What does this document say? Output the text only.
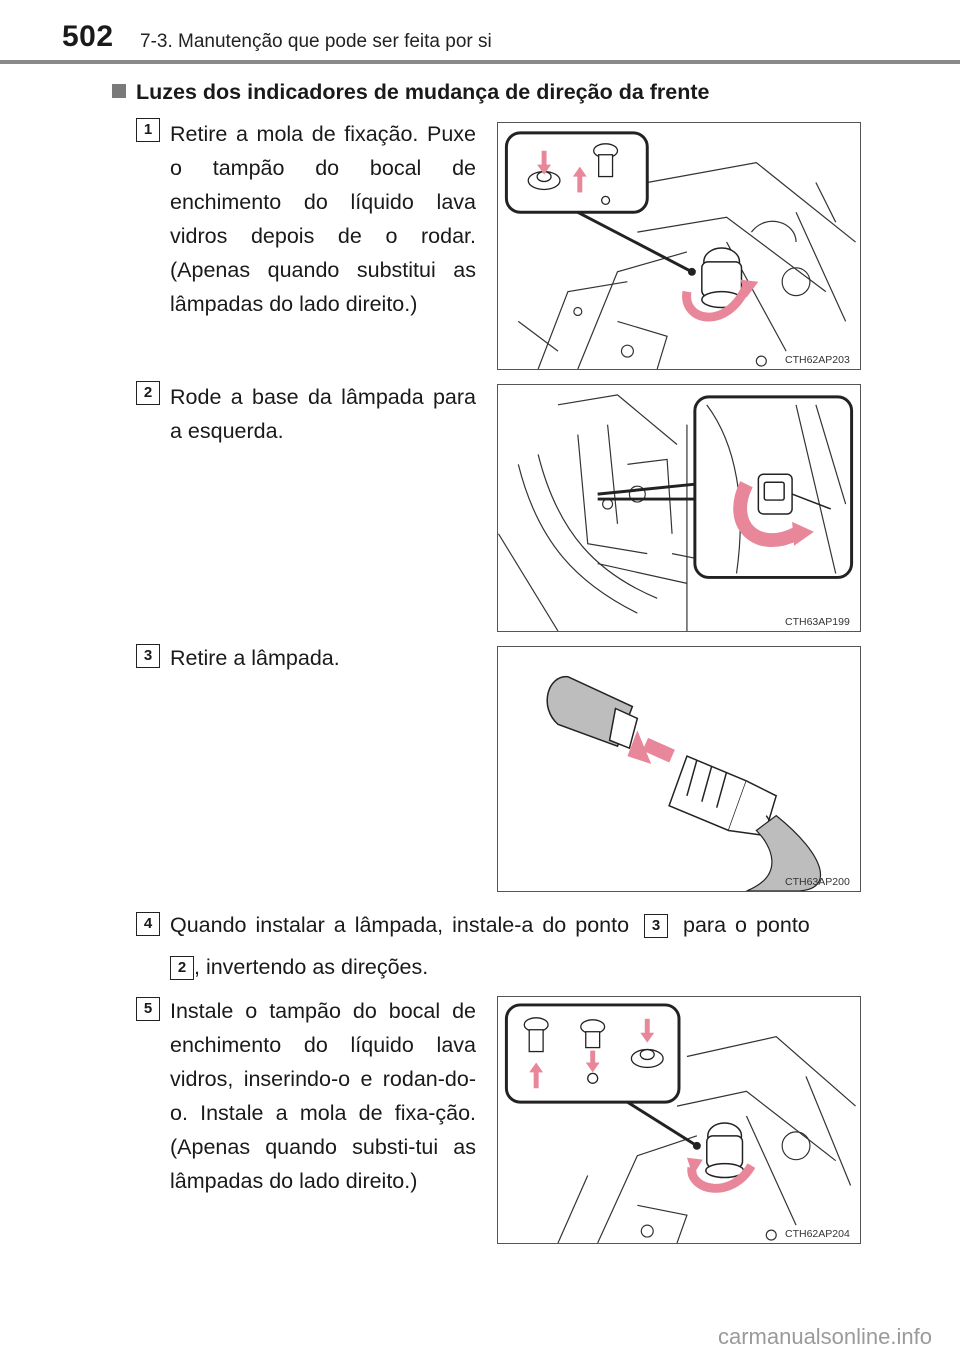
502 7-3. Manutenção que pode ser feita por si
Luzes dos indicadores de mudança de direção da frente
1 Retire a mola de fixação. Puxe o tampão do bocal de enchimento do líquido lava vidros depois de o rodar. (Apenas quando substitui as lâmpadas do lado direito.)
CTH62AP203
2 Rode a base da lâmpada para a esquerda.
CTH63AP199
3 Retire a lâmpada.
CTH63AP200
4 Quando instalar a lâmpada, instale-a do ponto 3 para o ponto
2 , invertendo as direções.
5 Instale o tampão do bocal de enchimento do líquido lava vidros, inserindo-o e rodan-do-o. Instale a mola de fixa-ção. (Apenas quando substi-tui as lâmpadas do lado direito.)
CTH62AP204
carmanualsonline.info
